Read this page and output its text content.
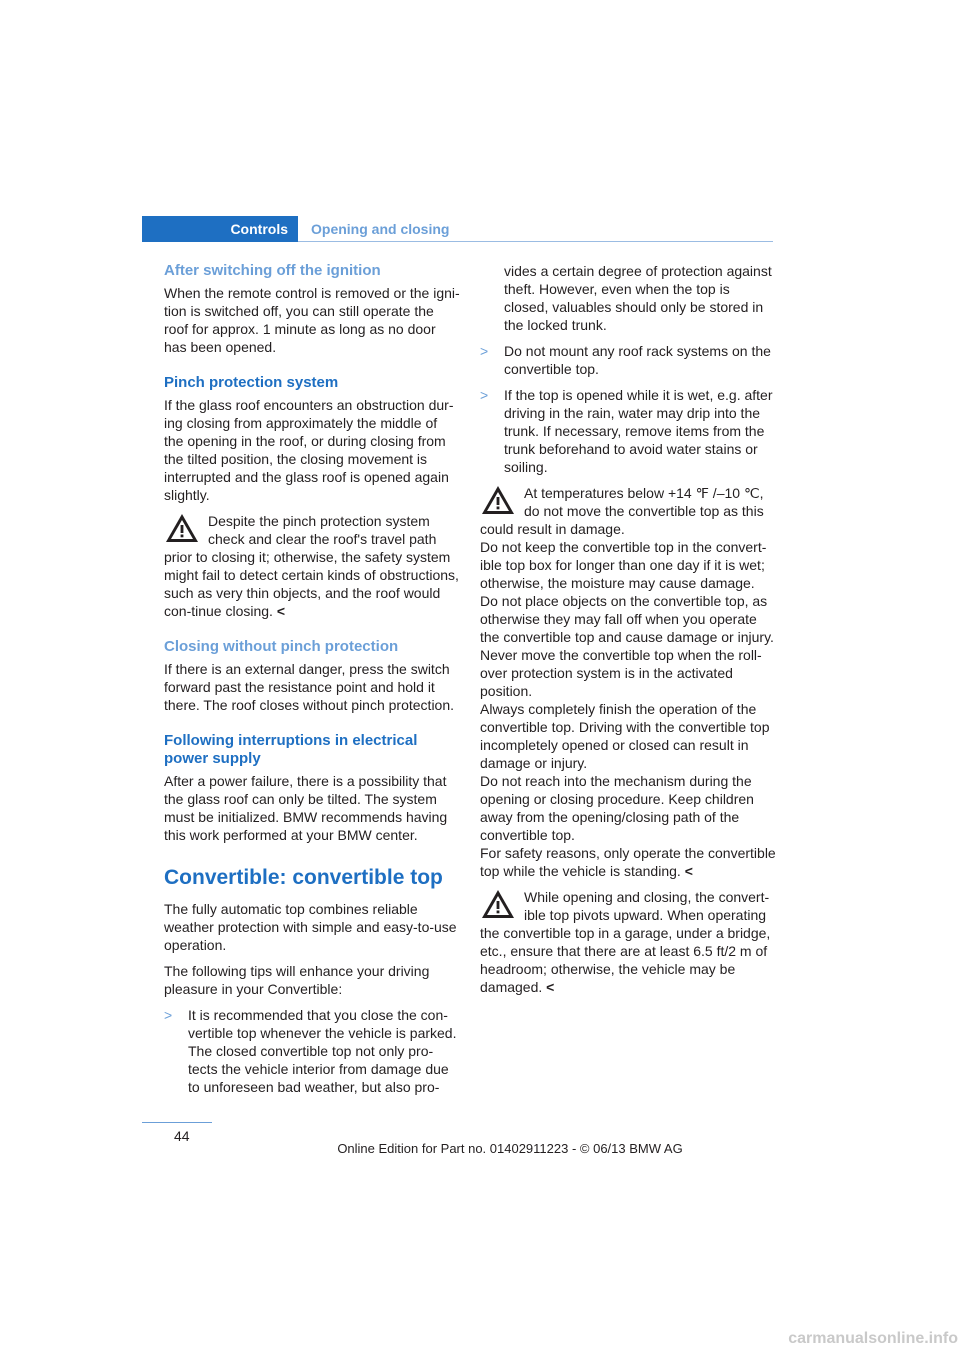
Controls	Opening and closing
After switching off the ignition

When the remote control is removed or the igni-tion is switched off, you can still operate the roof for approx. 1 minute as long as no door has been opened.

Pinch protection system

If the glass roof encounters an obstruction dur-ing closing from approximately the middle of the opening in the roof, or during closing from the tilted position, the closing movement is interrupted and the glass roof is opened again slightly.

Despite the pinch protection system check and clear the roof's travel path prior to closing it; otherwise, the safety system might fail to detect certain kinds of obstructions, such as very thin objects, and the roof would con-tinue closing. <
Closing without pinch protection

If there is an external danger, press the switch forward past the resistance point and hold it there. The roof closes without pinch protection.

Following interruptions in electrical power supply

After a power failure, there is a possibility that the glass roof can only be tilted. The system must be initialized. BMW recommends having this work performed at your BMW center.

Convertible: convertible top

The fully automatic top combines reliable weather protection with simple and easy-to-use operation.

The following tips will enhance your driving pleasure in your Convertible:

> It is recommended that you close the con-vertible top whenever the vehicle is parked. The closed convertible top not only pro-tects the vehicle interior from damage due to unforeseen bad weather, but also pro-
vides a certain degree of protection against theft. However, even when the top is closed, valuables should only be stored in the locked trunk.
> Do not mount any roof rack systems on the convertible top.
> If the top is opened while it is wet, e.g. after driving in the rain, water may drip into the trunk. If necessary, remove items from the trunk beforehand to avoid water stains or soiling.
At temperatures below +14 ℉ /–10 ℃, do not move the convertible top as this could result in damage.

Do not keep the convertible top in the convert-ible top box for longer than one day if it is wet; otherwise, the moisture may cause damage.

Do not place objects on the convertible top, as otherwise they may fall off when you operate the convertible top and cause damage or injury.

Never move the convertible top when the roll-over protection system is in the activated position.

Always completely finish the operation of the convertible top. Driving with the convertible top incompletely opened or closed can result in damage or injury.

Do not reach into the mechanism during the opening or closing procedure. Keep children away from the opening/closing path of the convertible top.

For safety reasons, only operate the convertible top while the vehicle is standing. <

While opening and closing, the convert-ible top pivots upward. When operating the convertible top in a garage, under a bridge, etc., ensure that there are at least 6.5 ft/2 m of headroom; otherwise, the vehicle may be damaged. <
44
Online Edition for Part no. 01402911223 - © 06/13 BMW AG
carmanualsonline.info
